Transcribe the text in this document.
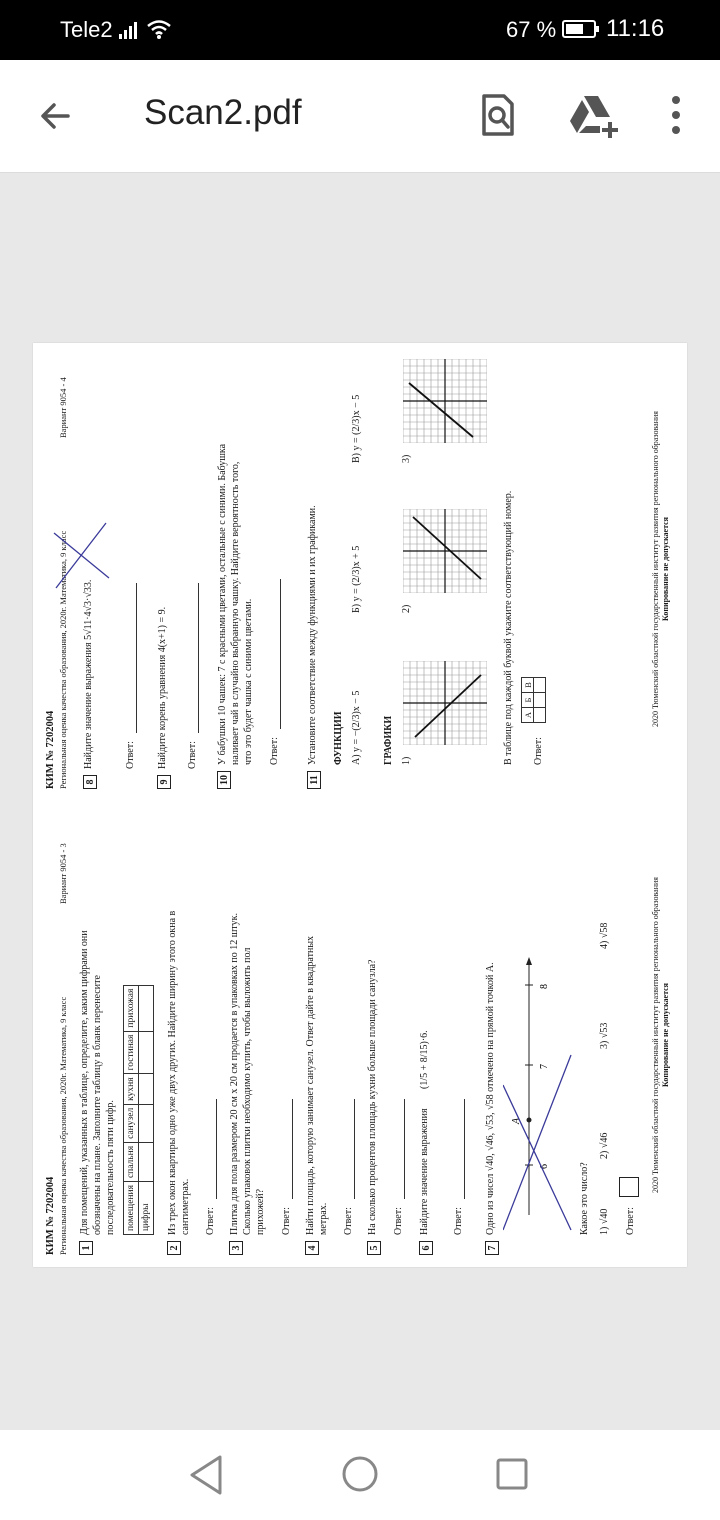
Tele2	67 % 11:16
Scan2.pdf
КИМ № 7202004 Региональная оценка качества образования, 2020г. Математика, 9 класс
Вариант 9054 - 3
1
Для помещений, указанных в таблице, определите, каким цифрами они обозначены на плане. Заполните таблицу в бланк перенесите последовательность пяти цифр. помещения	спальня	санузел	кухня	гостиная	прихожая
цифры					
2
Из трех окон квартиры одно уже двух других. Найдите ширину этого окна в сантиметрах. Ответ:
3
Плитка для пола размером 20 см х 20 см продается в упаковках по 12 штук. Сколько упаковок плитки необходимо купить, чтобы выложить пол прихожей? Ответ:
4
Найти площадь, которую занимает санузел. Ответ дайте в квадратных метрах. Ответ:
5
На сколько процентов площадь кухни больше площади санузла? Ответ:
6
Найдите значение выражения
(1/5 + 8/15)·6.
Ответ:
7
Одно из чисел √40, √46, √53, √58 отмечено на прямой точкой A. A
6
7
8
Какое это число? 1) √40
2) √46
3) √53
4) √58
Ответ:
2020 Тюменский областной государственный институт развития регионального образования Копирование не допускается
КИМ № 7202004 Региональная оценка качества образования, 2020г. Математика, 9 класс
Вариант 9054 - 4
8
Найдите значение выражения 5√11·4√3·√33.	Ответ:
9
Найдите корень уравнения 4(x+1) = 9. Ответ:
10
У бабушки 10 чашек: 7 с красными цветами, остальные с синими. Бабушка наливает чай в случайно выбранную чашку. Найдите вероятность того, что это будет чашка с синими цветами. Ответ:
11
Установите соответствие между функциями и их графиками. ФУНКЦИИ А) y = −(2/3)x − 5
Б) y = (2/3)x + 5
В) y = (2/3)x − 5
ГРАФИКИ 1)
2)
3)
В таблице под каждой буквой укажите соответствующий номер. Ответ:
А	Б	В
			2020 Тюменский областной государственный институт развития регионального образования Копирование не допускается
